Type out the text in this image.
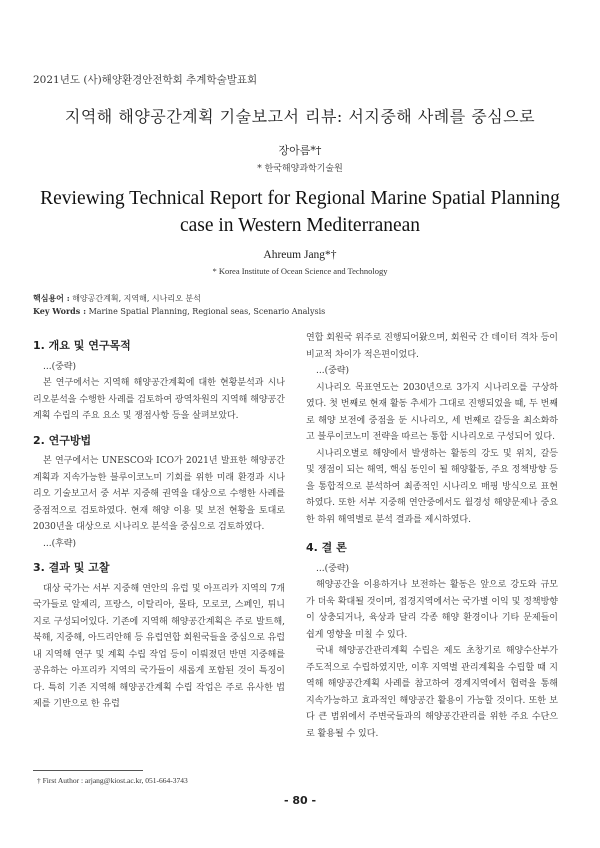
2021년도 (사)해양환경안전학회 추계학술발표회
지역해 해양공간계획 기술보고서 리뷰: 서지중해 사례를 중심으로
장아름*†
* 한국해양과학기술원
Reviewing Technical Report for Regional Marine Spatial Planning case in Western Mediterranean
Ahreum Jang*†
* Korea Institute of Ocean Science and Technology
핵심용어 : 해양공간계획, 지역해, 시나리오 분석
Key Words : Marine Spatial Planning, Regional seas, Scenario Analysis
1. 개요 및 연구목적

...(중략)

본 연구에서는 지역해 해양공간계획에 대한 현황분석과 시나리오분석을 수행한 사례를 검토하여 광역차원의 지역해 해양공간계획 수립의 주요 요소 및 쟁점사항 등을 살펴보았다.

2. 연구방법

본 연구에서는 UNESCO와 ICO가 2021년 발표한 해양공간계획과 지속가능한 블루이코노미 기회를 위한 미래 환경과 시나리오 기술보고서 중 서부 지중해 권역을 대상으로 수행한 사례를 중점적으로 검토하였다. 현재 해양 이용 및 보전 현황을 토대로 2030년을 대상으로 시나리오 분석을 중심으로 검토하였다.

...(후략)

3. 결과 및 고찰

대상 국가는 서부 지중해 연안의 유럽 및 아프리카 지역의 7개 국가들로 알제리, 프랑스, 이탈리아, 몰타, 모로코, 스페인, 튀니지로 구성되어있다. 기존에 지역해 해양공간계획은 주로 발트해, 북해, 지중해, 아드리안해 등 유럽연합 회원국들을 중심으로 유럽 내 지역해 연구 및 계획 수립 작업 등이 이뤄졌던 반면 지중해를 공유하는 아프리카 지역의 국가들이 새롭게 포함된 것이 특징이다. 특히 기존 지역해 해양공간계획 수립 작업은 주로 유사한 법제를 기반으로 한 유럽

연합 회원국 위주로 진행되어왔으며, 회원국 간 데이터 격차 등이 비교적 차이가 적은편이었다.

...(중략)

시나리오 목표연도는 2030년으로 3가지 시나리오를 구상하였다. 첫 번째로 현재 활동 추세가 그대로 진행되었을 때, 두 번째로 해양 보전에 중점을 둔 시나리오, 세 번째로 갈등을 최소화하고 블루이코노미 전략을 따르는 통합 시나리오로 구성되어 있다.

시나리오별로 해양에서 발생하는 활동의 강도 및 위치, 갈등 및 쟁점이 되는 해역, 핵심 동인이 될 해양활동, 주요 정책방향 등을 통합적으로 분석하여 최종적인 시나리오 매핑 방식으로 표현하였다. 또한 서부 지중해 연안중에서도 월경성 해양문제나 중요한 하위 해역별로 분석 결과를 제시하였다.

4. 결 론

...(중략)

해양공간을 이용하거나 보전하는 활동은 앞으로 강도와 규모가 더욱 확대될 것이며, 접경지역에서는 국가별 이익 및 정책방향이 상충되거나, 육상과 달리 각종 해양 환경이나 기타 문제들이 쉽게 영향을 미칠 수 있다.

국내 해양공간관리계획 수립은 제도 초창기로 해양수산부가 주도적으로 수립하였지만, 이후 지역별 관리계획을 수립할 때 지역해 해양공간계획 사례를 참고하여 경계지역에서 협력을 통해 지속가능하고 효과적인 해양공간 활용이 가능할 것이다. 또한 보다 큰 범위에서 주변국들과의 해양공간관리를 위한 주요 수단으로 활용될 수 있다.

† First Author : arjang@kiost.ac.kr, 051-664-3743
- 80 -
